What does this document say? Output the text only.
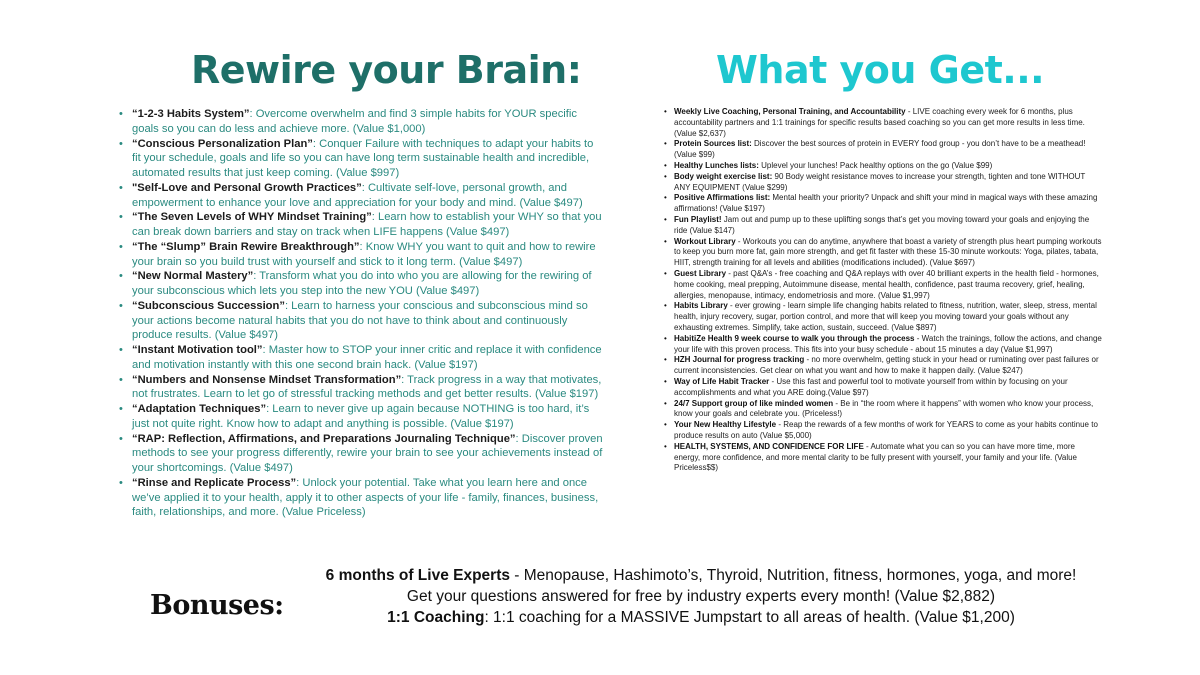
Rewire your Brain:	What you Get...
• “1-2-3 Habits System”: Overcome overwhelm and find 3 simple habits for YOUR specific goals so you can do less and achieve more. (Value $1,000)
• “Conscious Personalization Plan”: Conquer Failure with techniques to adapt your habits to fit your schedule, goals and life so you can have long term sustainable health and incredible, automated results that just keep coming. (Value $997)
• "Self-Love and Personal Growth Practices”: Cultivate self-love, personal growth, and empowerment to enhance your love and appreciation for your body and mind. (Value $497)
• “The Seven Levels of WHY Mindset Training”: Learn how to establish your WHY so that you can break down barriers and stay on track when LIFE happens (Value $497)
• “The “Slump” Brain Rewire Breakthrough”: Know WHY you want to quit and how to rewire your brain so you build trust with yourself and stick to it long term. (Value $497)
• “New Normal Mastery”: Transform what you do into who you are allowing for the rewiring of your subconscious which lets you step into the new YOU (Value $497)
• “Subconscious Succession”: Learn to harness your conscious and subconscious mind so your actions become natural habits that you do not have to think about and continuously produce results. (Value $497)
• “Instant Motivation tool”: Master how to STOP your inner critic and replace it with confidence and motivation instantly with this one second brain hack. (Value $197)
• “Numbers and Nonsense Mindset Transformation”: Track progress in a way that motivates, not frustrates. Learn to let go of stressful tracking methods and get better results. (Value $197)
• “Adaptation Techniques”: Learn to never give up again because NOTHING is too hard, it’s just not quite right. Know how to adapt and anything is possible. (Value $197)
• “RAP: Reflection, Affirmations, and Preparations Journaling Technique”: Discover proven methods to see your progress differently, rewire your brain to see your achievements instead of your shortcomings. (Value $497)
• “Rinse and Replicate Process”: Unlock your potential. Take what you learn here and once we’ve applied it to your health, apply it to other aspects of your life - family, finances, business, faith, relationships, and more. (Value Priceless)
• Weekly Live Coaching, Personal Training, and Accountability - LIVE coaching every week for 6 months, plus accountability partners and 1:1 trainings for specific results based coaching so you can get more results in less time. (Value $2,637)
• Protein Sources list: Discover the best sources of protein in EVERY food group - you don’t have to be a meathead! (Value $99)
• Healthy Lunches lists: Uplevel your lunches! Pack healthy options on the go (Value $99)
• Body weight exercise list: 90 Body weight resistance moves to increase your strength, tighten and tone WITHOUT ANY EQUIPMENT (Value $299)
• Positive Affirmations list: Mental health your priority? Unpack and shift your mind in magical ways with these amazing affirmations! (Value $197)
• Fun Playlist! Jam out and pump up to these uplifting songs that’s get you moving toward your goals and enjoying the ride (Value $147)
• Workout Library - Workouts you can do anytime, anywhere that boast a variety of strength plus heart pumping workouts to keep you burn more fat, gain more strength, and get fit faster with these 15-30 minute workouts: Yoga, pilates, tabata, HIIT, strength training for all levels and abilities (modifications included). (Value $697)
• Guest Library - past Q&A’s - free coaching and Q&A replays with over 40 brilliant experts in the health field - hormones, home cooking, meal prepping, Autoimmune disease, mental health, confidence, past trauma recovery, grief, healing, allergies, menopause, intimacy, endometriosis and more. (Value $1,997)
• Habits Library - ever growing - learn simple life changing habits related to fitness, nutrition, water, sleep, stress, mental health, injury recovery, sugar, portion control, and more that will keep you moving toward your goals without any exhausting extremes. Simplify, take action, sustain, succeed. (Value $897)
• HabitiZe Health 9 week course to walk you through the process - Watch the trainings, follow the actions, and change your life with this proven process. This fits into your busy schedule - about 15 minutes a day (Value $1,997)
• HZH Journal for progress tracking - no more overwhelm, getting stuck in your head or ruminating over past failures or current inconsistencies. Get clear on what you want and how to make it happen daily. (Value $247)
• Way of Life Habit Tracker - Use this fast and powerful tool to motivate yourself from within by focusing on your accomplishments and what you ARE doing.(Value $97)
• 24/7 Support group of like minded women - Be in “the room where it happens” with women who know your process, know your goals and celebrate you. (Priceless!)
• Your New Healthy Lifestyle - Reap the rewards of a few months of work for YEARS to come as your habits continue to produce results on auto (Value $5,000)
• HEALTH, SYSTEMS, AND CONFIDENCE FOR LIFE - Automate what you can so you can have more time, more energy, more confidence, and more mental clarity to be fully present with yourself, your family and your life. (Value Priceless$$)
Bonuses:
6 months of Live Experts - Menopause, Hashimoto’s, Thyroid, Nutrition, fitness, hormones, yoga, and more!
Get your questions answered for free by industry experts every month! (Value $2,882)
1:1 Coaching: 1:1 coaching for a MASSIVE Jumpstart to all areas of health. (Value $1,200)
